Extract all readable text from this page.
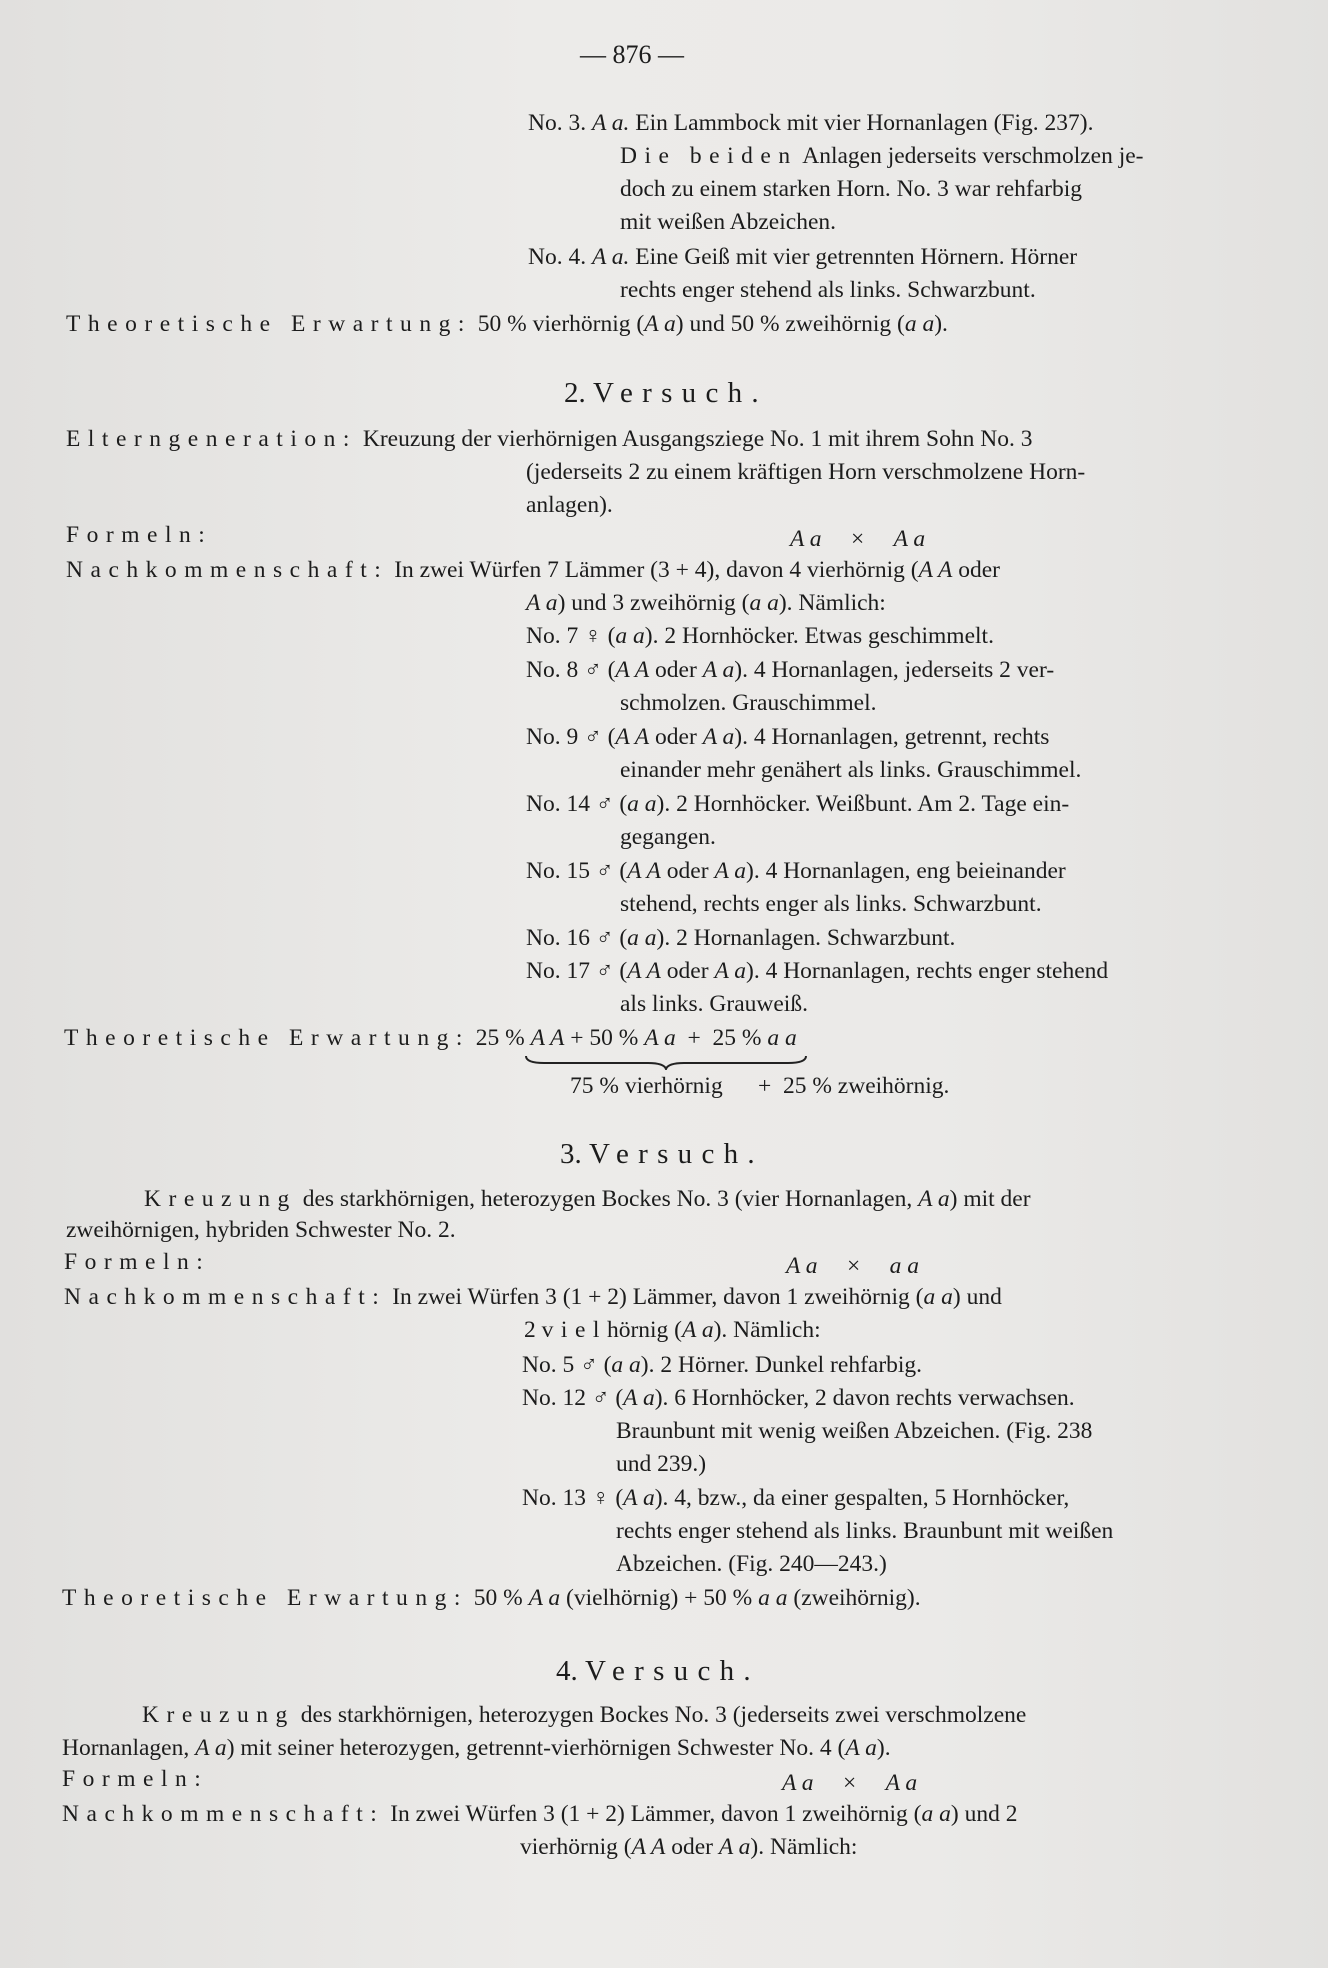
— 876 —
No. 3. A a. Ein Lammbock mit vier Hornanlagen (Fig. 237).
Die beiden Anlagen jederseits verschmolzen je-
doch zu einem starken Horn. No. 3 war rehfarbig
mit weißen Abzeichen.
No. 4. A a. Eine Geiß mit vier getrennten Hörnern. Hörner
rechts enger stehend als links. Schwarzbunt.
Theoretische Erwartung: 50 % vierhörnig (A a) und 50 % zweihörnig (a a).
2. Versuch.
Elterngeneration: Kreuzung der vierhörnigen Ausgangsziege No. 1 mit ihrem Sohn No. 3
(jederseits 2 zu einem kräftigen Horn verschmolzene Horn-
anlagen).
Formeln:	A a     ×     A a
Nachkommenschaft: In zwei Würfen 7 Lämmer (3 + 4), davon 4 vierhörnig (A A oder
A a) und 3 zweihörnig (a a). Nämlich:
No. 7 ♀ (a a). 2 Hornhöcker. Etwas geschimmelt.
No. 8 ♂ (A A oder A a). 4 Hornanlagen, jederseits 2 ver-
schmolzen. Grauschimmel.
No. 9 ♂ (A A oder A a). 4 Hornanlagen, getrennt, rechts
einander mehr genähert als links. Grauschimmel.
No. 14 ♂ (a a). 2 Hornhöcker. Weißbunt. Am 2. Tage ein-
gegangen.
No. 15 ♂ (A A oder A a). 4 Hornanlagen, eng beieinander
stehend, rechts enger als links. Schwarzbunt.
No. 16 ♂ (a a). 2 Hornanlagen. Schwarzbunt.
No. 17 ♂ (A A oder A a). 4 Hornanlagen, rechts enger stehend
als links. Grauweiß.
Theoretische Erwartung: 25 % A A + 50 % A a  +  25 % a a
75 % vierhörnig      +  25 % zweihörnig.
3. Versuch.
Kreuzung des starkhörnigen, heterozygen Bockes No. 3 (vier Hornanlagen, A a) mit der
zweihörnigen, hybriden Schwester No. 2.
Formeln:	A a     ×     a a
Nachkommenschaft: In zwei Würfen 3 (1 + 2) Lämmer, davon 1 zweihörnig (a a) und
2 vielhörnig (A a). Nämlich:
No. 5 ♂ (a a). 2 Hörner. Dunkel rehfarbig.
No. 12 ♂ (A a). 6 Hornhöcker, 2 davon rechts verwachsen.
Braunbunt mit wenig weißen Abzeichen. (Fig. 238
und 239.)
No. 13 ♀ (A a). 4, bzw., da einer gespalten, 5 Hornhöcker,
rechts enger stehend als links. Braunbunt mit weißen
Abzeichen. (Fig. 240—243.)
Theoretische Erwartung: 50 % A a (vielhörnig) + 50 % a a (zweihörnig).
4. Versuch.
Kreuzung des starkhörnigen, heterozygen Bockes No. 3 (jederseits zwei verschmolzene
Hornanlagen, A a) mit seiner heterozygen, getrennt-vierhörnigen Schwester No. 4 (A a).
Formeln:	A a     ×     A a
Nachkommenschaft: In zwei Würfen 3 (1 + 2) Lämmer, davon 1 zweihörnig (a a) und 2
vierhörnig (A A oder A a). Nämlich:
